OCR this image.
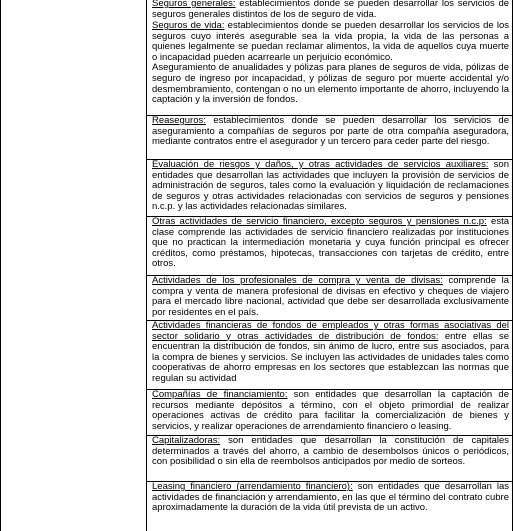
Seguros generales: establecimientos donde se pueden desarrollar los servicios de seguros generales distintos de los de seguro de vida.

Seguros de vida: establecimientos donde se pueden desarrollar los servicios de los seguros cuyo interés asegurable sea la vida propia, la vida de las personas a quienes legalmente se puedan reclamar alimentos, la vida de aquellos cuya muerte o incapacidad pueden acarrearle un perjuicio económico.

Aseguramiento de anualidades y pólizas para planes de seguros de vida, pólizas de seguro de ingreso por incapacidad, y pólizas de seguro por muerte accidental y/o desmembramiento, contengan o no un elemento importante de ahorro, incluyendo la captación y la inversión de fondos.

Reaseguros: establecimientos donde se pueden desarrollar los servicios de aseguramiento a compañías de seguros por parte de otra compañía aseguradora, mediante contratos entre el asegurador y un tercero para ceder parte del riesgo.
Evaluación de riesgos y daños, y otras actividades de servicios auxiliares: son entidades que desarrollan las actividades que incluyen la provisión de servicios de administración de seguros, tales como la evaluación y liquidación de reclamaciones de seguros y otras actividades relacionadas con servicios de seguros y pensiones n.c.p. y las actividades relacionadas similares.
Otras actividades de servicio financiero, excepto seguros y pensiones n.c.p: esta clase comprende las actividades de servicio financiero realizadas por instituciones que no practican la intermediación monetaria y cuya función principal es ofrecer créditos, como préstamos, hipotecas, transacciones con tarjetas de crédito, entre otros.
Actividades de los profesionales de compra y venta de divisas: comprende la compra y venta de manera profesional de divisas en efectivo y cheques de viajero para el mercado libre nacional, actividad que debe ser desarrollada exclusivamente por residentes en el país.
Actividades financieras de fondos de empleados y otras formas asociativas del sector solidario y otras actividades de distribución de fondos: entre ellas se encuentran la distribución de fondos, sin ánimo de lucro, entre sus asociados, para la compra de bienes y servicios. Se incluyen las actividades de unidades tales como cooperativas de ahorro empresas en los sectores que establezcan las normas que regulan su actividad
Compañías de financiamiento: son entidades que desarrollan la captación de recursos mediante depósitos a término, con el objeto primordial de realizar operaciones activas de crédito para facilitar la comercialización de bienes y servicios, y realizar operaciones de arrendamiento financiero o leasing.
Capitalizadoras: son entidades que desarrollan la constitución de capitales determinados a través del ahorro, a cambio de desembolsos únicos o periódicos, con posibilidad o sin ella de reembolsos anticipados por medio de sorteos.
Leasing financiero (arrendamiento financiero): son entidades que desarrollan las actividades de financiación y arrendamiento, en las que el término del contrato cubre aproximadamente la duración de la vida útil prevista de un activo.
